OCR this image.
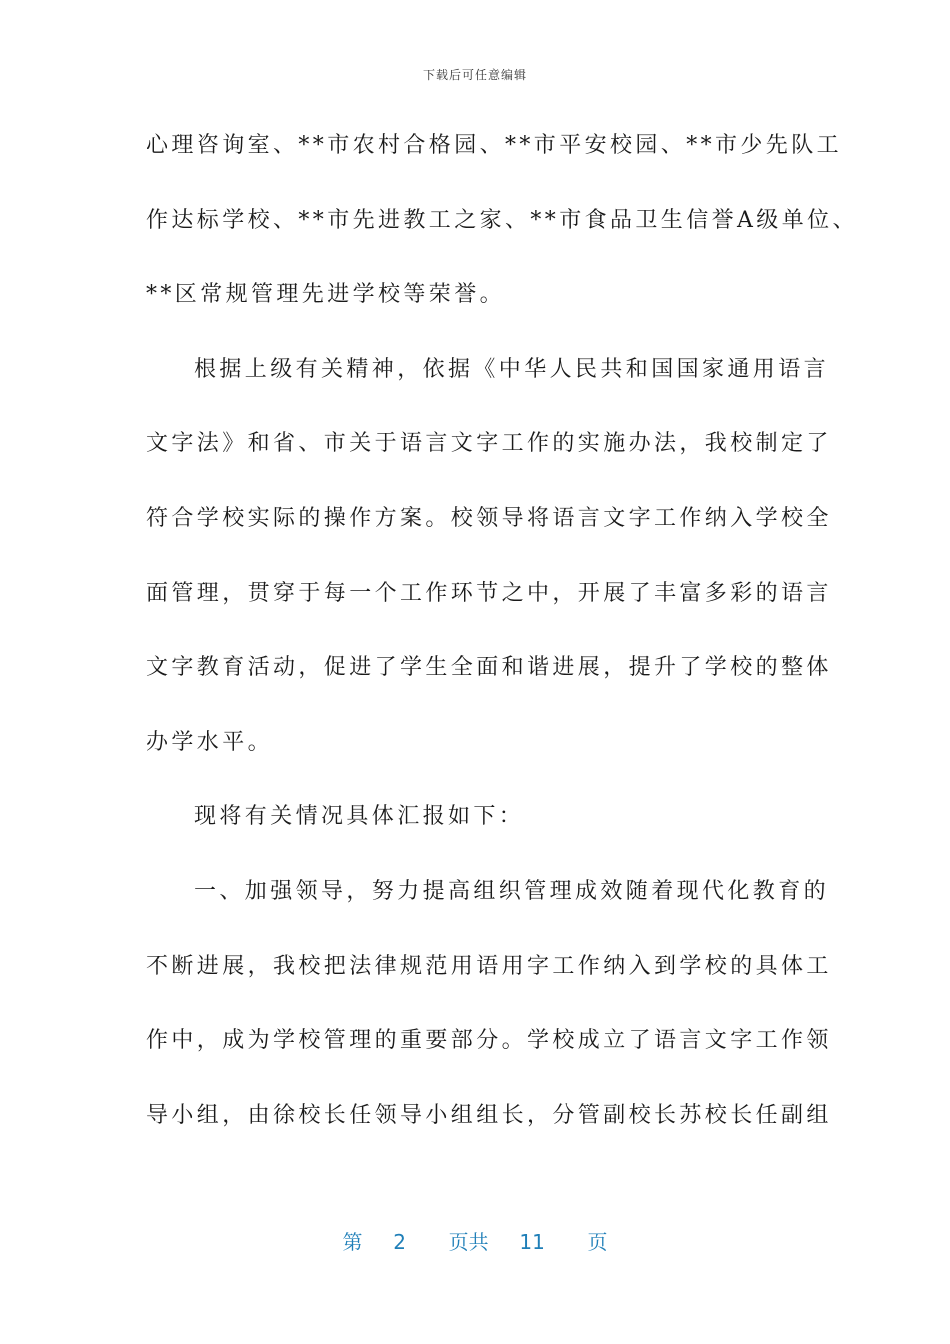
下载后可任意编辑
心理咨询室、**市农村合格园、**市平安校园、**市少先队工
作达标学校、**市先进教工之家、**市食品卫生信誉A级单位、
**区常规管理先进学校等荣誉。
根据上级有关精神，依据《中华人民共和国国家通用语言
文字法》和省、市关于语言文字工作的实施办法，我校制定了
符合学校实际的操作方案。校领导将语言文字工作纳入学校全
面管理，贯穿于每一个工作环节之中，开展了丰富多彩的语言
文字教育活动，促进了学生全面和谐进展，提升了学校的整体
办学水平。
现将有关情况具体汇报如下：
一、加强领导，努力提高组织管理成效随着现代化教育的
不断进展，我校把法律规范用语用字工作纳入到学校的具体工
作中，成为学校管理的重要部分。学校成立了语言文字工作领
导小组，由徐校长任领导小组组长，分管副校长苏校长任副组
第 2 页共 11 页
